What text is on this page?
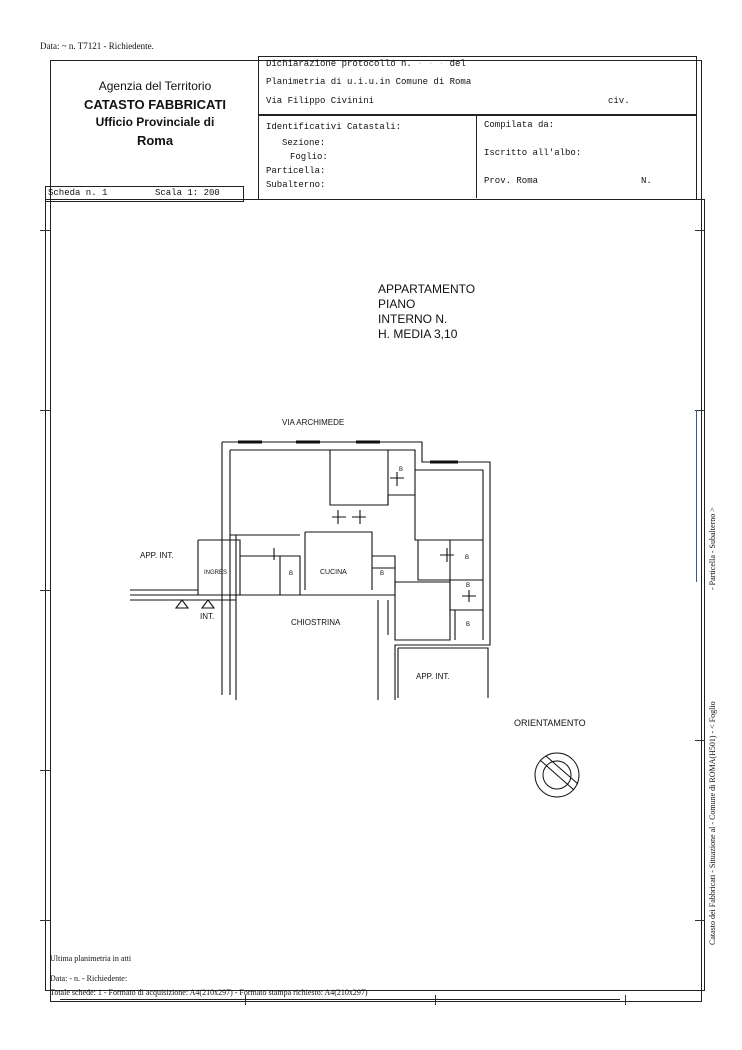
Data: ~ n. T7121 - Richiedente.
Agenzia del Territorio
CATASTO FABBRICATI
Ufficio Provinciale di
Roma
Dichiarazione protocollo n. · · · del
Planimetria di u.i.u.in Comune di Roma
Via Filippo Civinini	civ.
Identificativi Catastali:
Sezione:
Foglio:
Particella:
Subalterno:
Compilata da:
Iscritto all'albo:
Prov. Roma	N.
Scheda n. 1	Scala 1: 200
APPARTAMENTO
PIANO
INTERNO N.
H. MEDIA 3,10
VIA ARCHIMEDE
APP. INT.
INGRES	CUCINA
B
B	B
B
B
B
INT.
CHIOSTRINA
APP. INT.
ORIENTAMENTO	Catasto dei Fabbricati - Situazione al - Comune di ROMA(H501) - < Foglio
- Particella - Subalterno >
Ultima planimetria in atti
Data: - n. - Richiedente:
Totale schede: 1 - Formato di acquisizione: A4(210x297) - Formato stampa richiesto: A4(210x297)
